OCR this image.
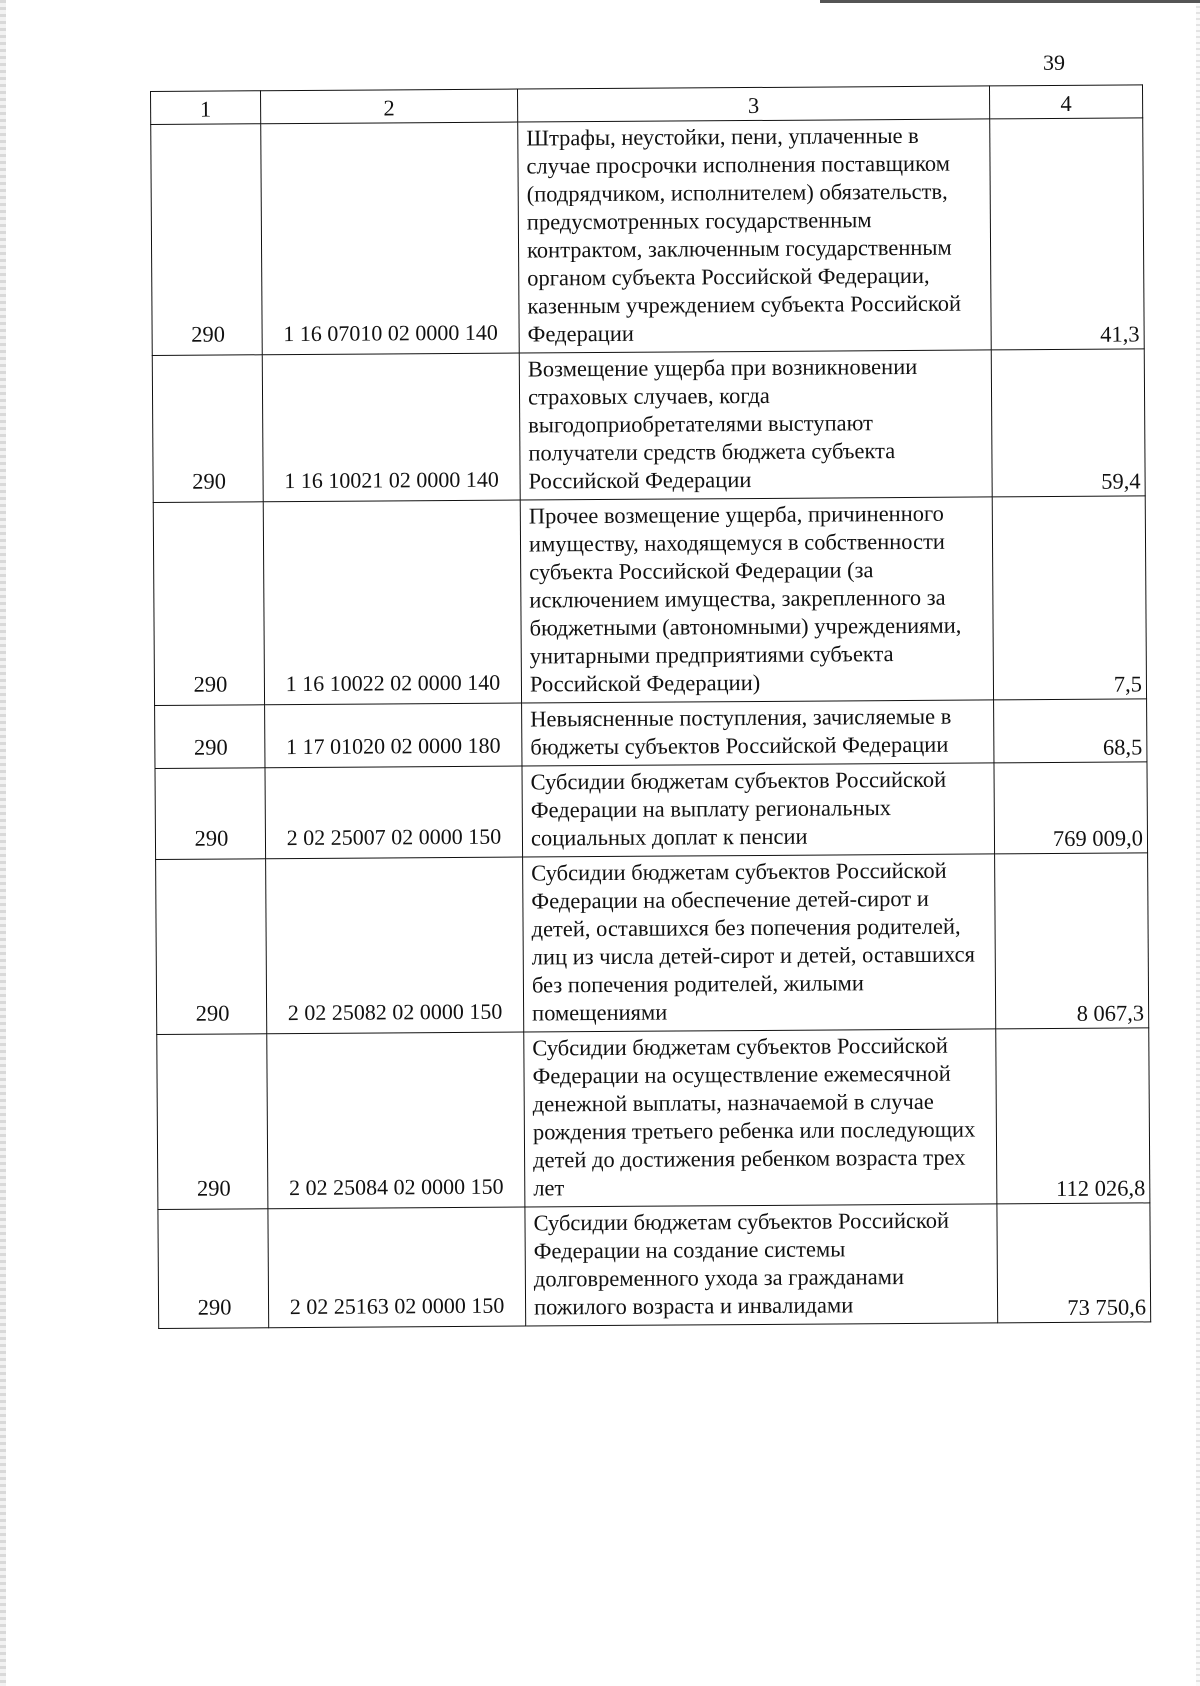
39
1	2	3	4
290	1 16 07010 02 0000 140	Штрафы, неустойки, пени, уплаченные в случае просрочки исполнения поставщиком (подрядчиком, исполнителем) обязательств, предусмотренных государственным контрактом, заключенным государственным органом субъекта Российской Федерации, казенным учреждением субъекта Российской Федерации	41,3
290	1 16 10021 02 0000 140	Возмещение ущерба при возникновении страховых случаев, когда выгодоприобретателями выступают получатели средств бюджета субъекта Российской Федерации	59,4
290	1 16 10022 02 0000 140	Прочее возмещение ущерба, причиненного имуществу, находящемуся в собственности субъекта Российской Федерации (за исключением имущества, закрепленного за бюджетными (автономными) учреждениями, унитарными предприятиями субъекта Российской Федерации)	7,5
290	1 17 01020 02 0000 180	Невыясненные поступления, зачисляемые в бюджеты субъектов Российской Федерации	68,5
290	2 02 25007 02 0000 150	Субсидии бюджетам субъектов Российской Федерации на выплату региональных социальных доплат к пенсии	769 009,0
290	2 02 25082 02 0000 150	Субсидии бюджетам субъектов Российской Федерации на обеспечение детей-сирот и детей, оставшихся без попечения родителей, лиц из числа детей-сирот и детей, оставшихся без попечения родителей, жилыми помещениями	8 067,3
290	2 02 25084 02 0000 150	Субсидии бюджетам субъектов Российской Федерации на осуществление ежемесячной денежной выплаты, назначаемой в случае рождения третьего ребенка или последующих детей до достижения ребенком возраста трех лет	112 026,8
290	2 02 25163 02 0000 150	Субсидии бюджетам субъектов Российской Федерации на создание системы долговременного ухода за гражданами пожилого возраста и инвалидами	73 750,6
